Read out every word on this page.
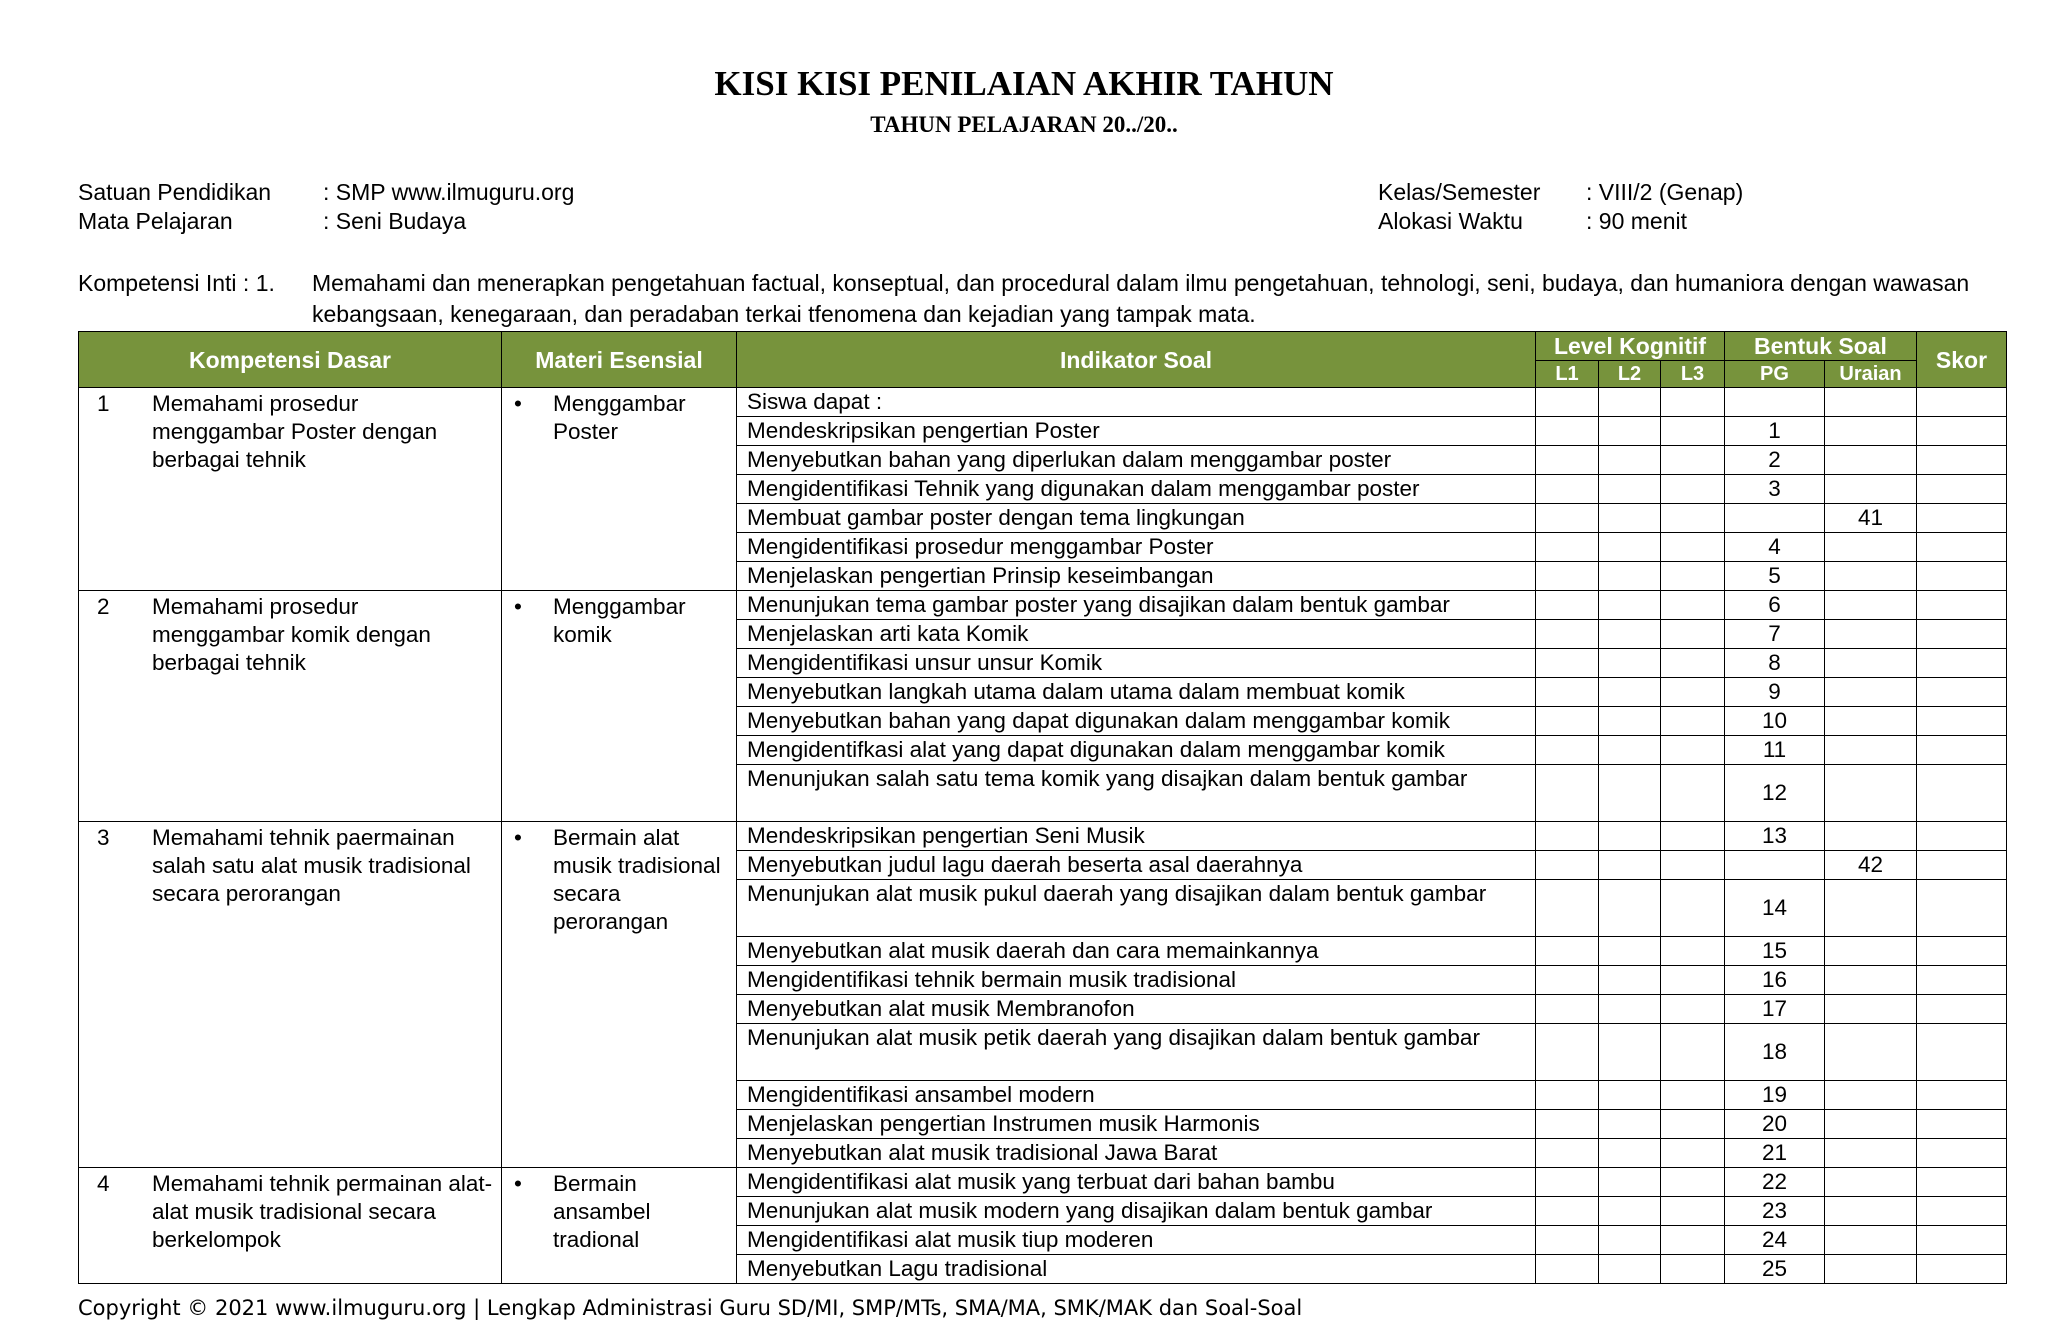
KISI KISI PENILAIAN AKHIR TAHUN
TAHUN PELAJARAN 20../20..
Satuan Pendidikan : SMP www.ilmuguru.org
Mata Pelajaran	: Seni Budaya
Kelas/Semester : VIII/2 (Genap)
Alokasi Waktu	: 90 menit
Kompetensi Inti : 1. Memahami dan menerapkan pengetahuan factual, konseptual, dan procedural dalam ilmu pengetahuan, tehnologi, seni, budaya, dan humaniora dengan wawasan kebangsaan, kenegaraan, dan peradaban terkai tfenomena dan kejadian yang tampak mata.
Kompetensi Dasar	Materi Esensial	Indikator Soal	Level Kognitif			Bentuk Soal		Skor
			L1	L2	L3	PG	Uraian	

1 Memahami prosedur menggambar Poster dengan berbagai tehnik	• Menggambar Poster	Siswa dapat :						
		Mendeskripsikan pengertian Poster				1		
		Menyebutkan bahan yang diperlukan dalam menggambar poster				2		
		Mengidentifikasi Tehnik yang digunakan dalam menggambar poster				3		
		Membuat gambar poster dengan tema lingkungan					41	
		Mengidentifikasi prosedur menggambar Poster				4		
		Menjelaskan pengertian Prinsip keseimbangan				5		

2 Memahami prosedur menggambar komik dengan berbagai tehnik	• Menggambar komik	Menunjukan tema gambar poster yang disajikan dalam bentuk gambar				6		
		Menjelaskan arti kata Komik				7		
		Mengidentifikasi unsur unsur Komik				8		
		Menyebutkan langkah utama dalam utama dalam membuat komik				9		
		Menyebutkan bahan yang dapat digunakan dalam menggambar komik				10		
		Mengidentifkasi alat yang dapat digunakan dalam menggambar komik				11		
		Menunjukan salah satu tema komik yang disajkan dalam bentuk gambar				12		

3 Memahami tehnik paermainan salah satu alat musik tradisional secara perorangan	• Bermain alat musik tradisional secara perorangan	Mendeskripsikan pengertian Seni Musik				13		
		Menyebutkan judul lagu daerah beserta asal daerahnya					42	
		Menunjukan alat musik pukul daerah yang disajikan dalam bentuk gambar				14		
		Menyebutkan alat musik daerah dan cara memainkannya				15		
		Mengidentifikasi tehnik bermain musik tradisional				16		
		Menyebutkan alat musik Membranofon				17		
		Menunjukan alat musik petik daerah yang disajikan dalam bentuk gambar				18		
		Mengidentifikasi ansambel modern				19		
		Menjelaskan pengertian Instrumen musik Harmonis				20		
		Menyebutkan alat musik tradisional Jawa Barat				21		

4 Memahami tehnik permainan alat-alat musik tradisional secara berkelompok	• Bermain ansambel tradional	Mengidentifikasi alat musik yang terbuat dari bahan bambu				22		
		Menunjukan alat musik modern yang disajikan dalam bentuk gambar				23		
		Mengidentifikasi alat musik tiup moderen				24		
		Menyebutkan Lagu tradisional				25		
Copyright © 2021 www.ilmuguru.org | Lengkap Administrasi Guru SD/MI, SMP/MTs, SMA/MA, SMK/MAK dan Soal-Soal
